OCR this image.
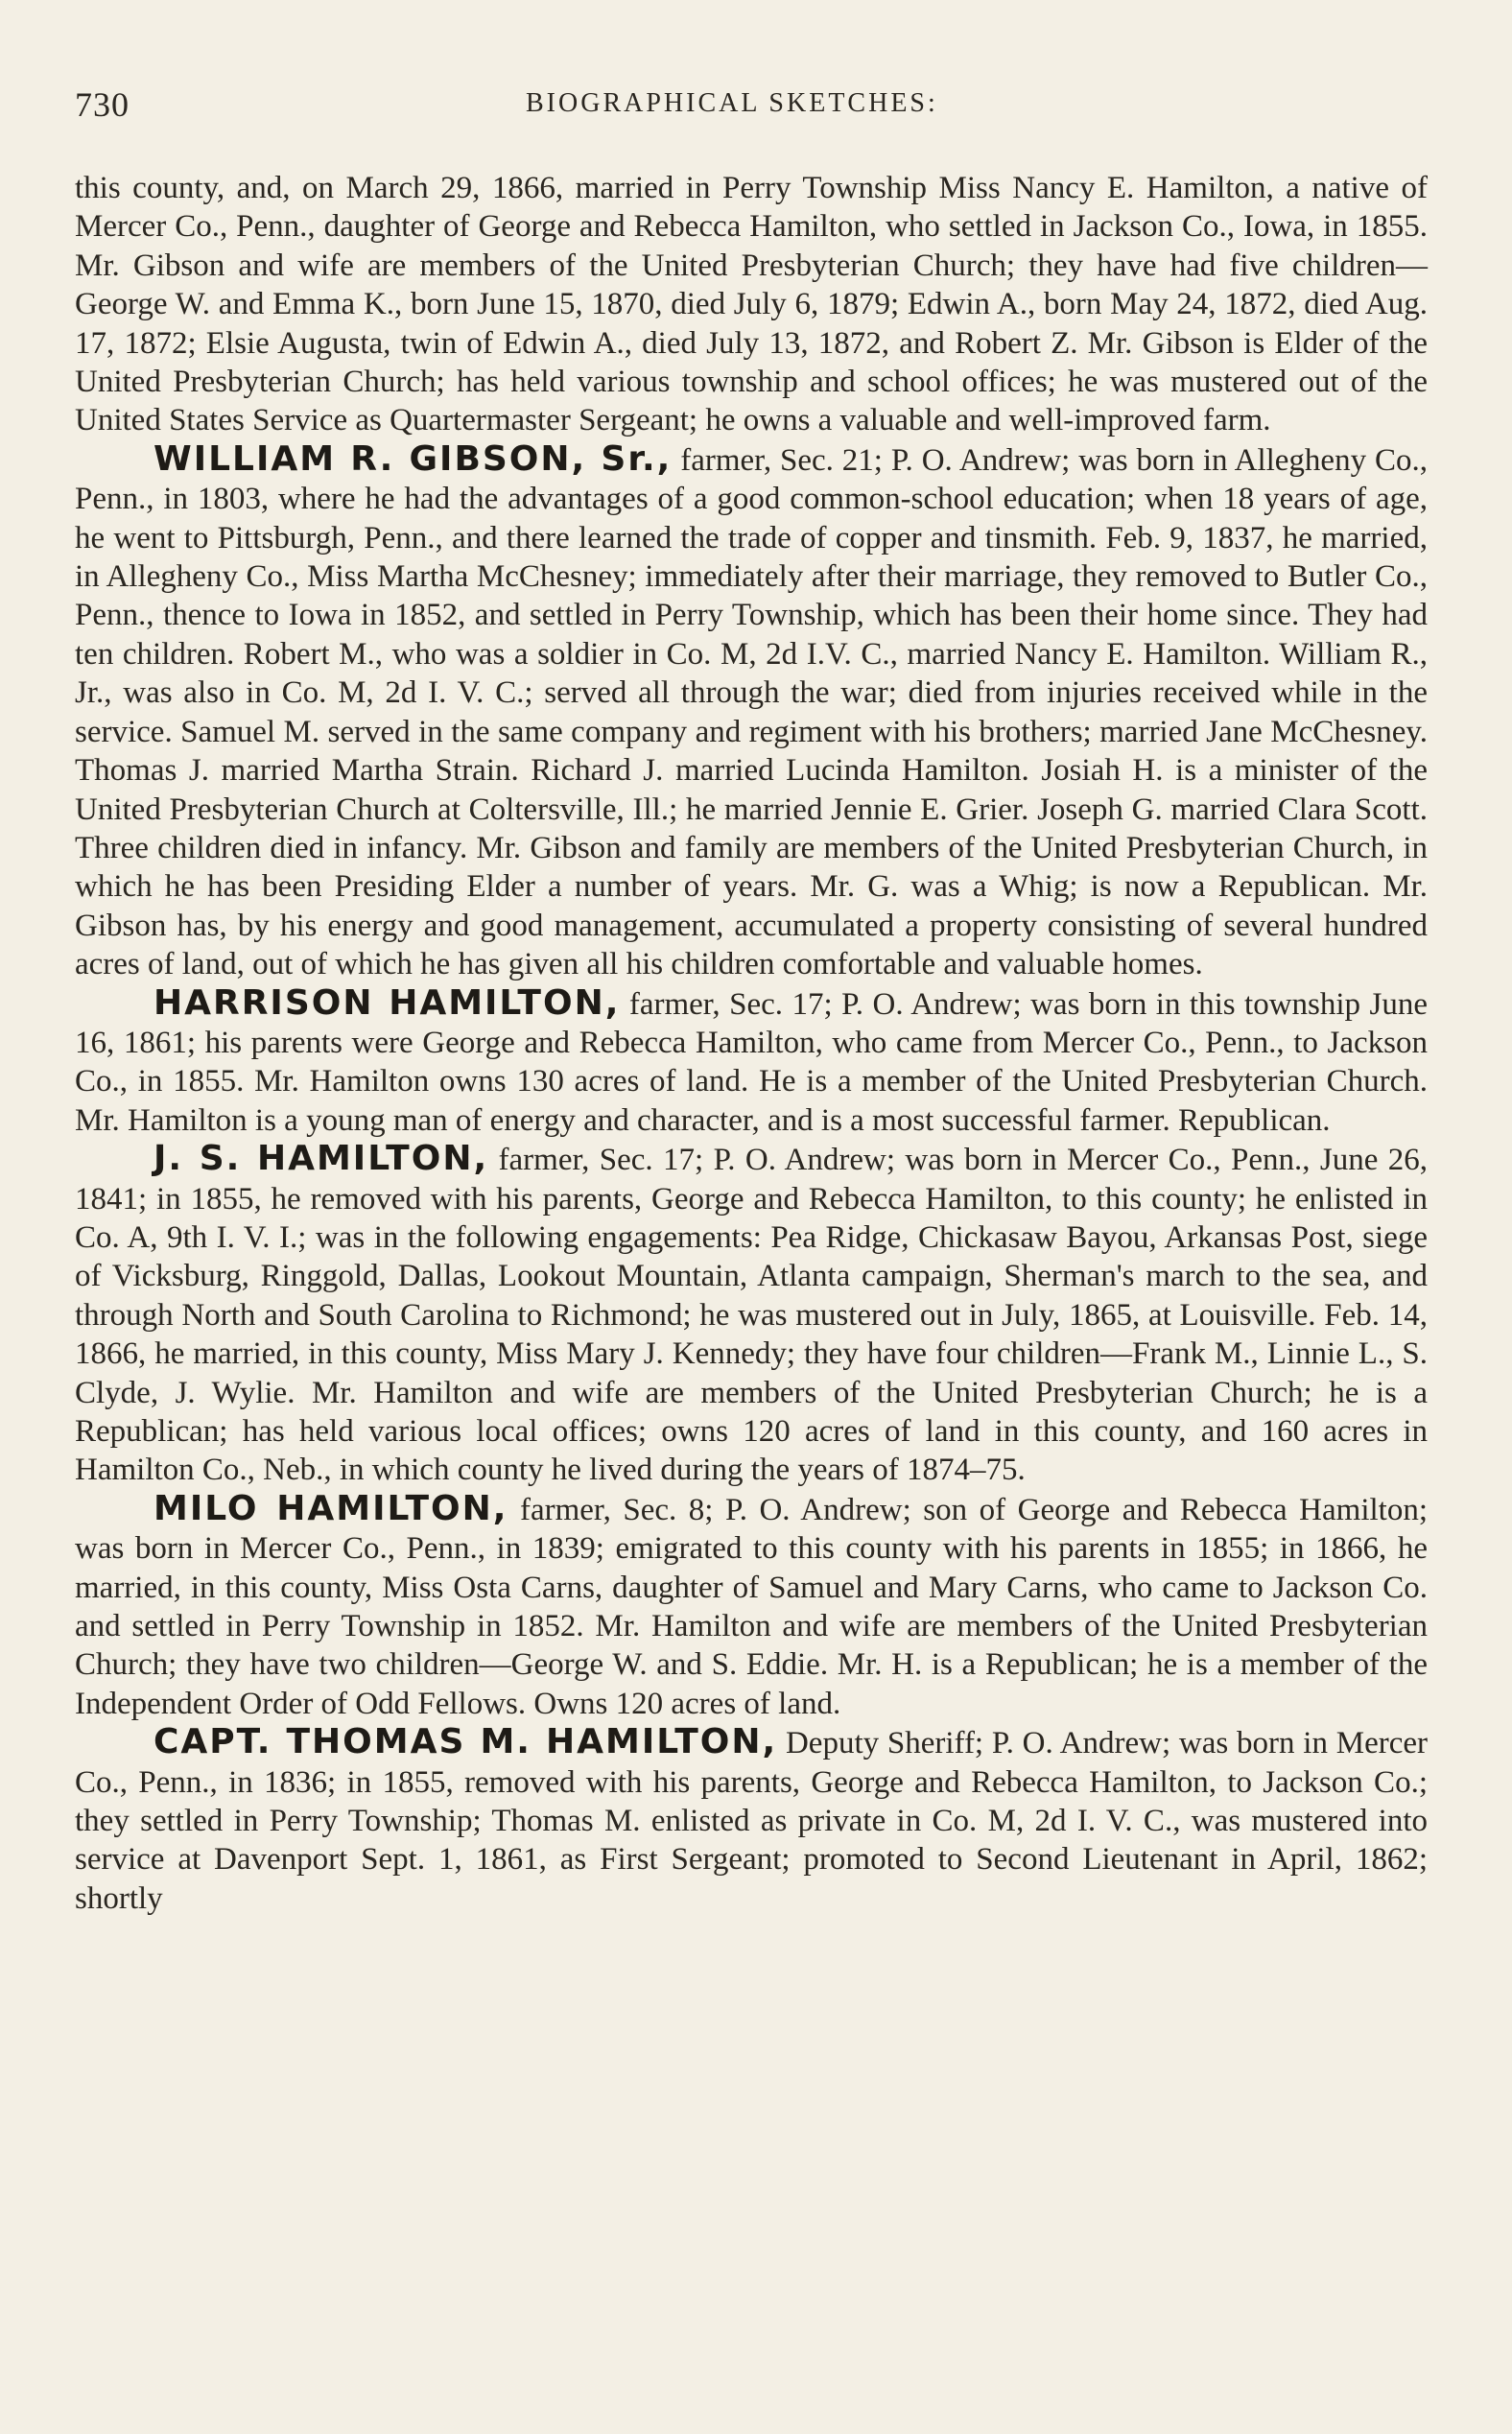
730	BIOGRAPHICAL SKETCHES:

this county, and, on March 29, 1866, married in Perry Township Miss Nancy E. Hamilton, a native of Mercer Co., Penn., daughter of George and Rebecca Hamilton, who settled in Jackson Co., Iowa, in 1855. Mr. Gibson and wife are members of the United Presbyterian Church; they have had five children—George W. and Emma K., born June 15, 1870, died July 6, 1879; Edwin A., born May 24, 1872, died Aug. 17, 1872; Elsie Augusta, twin of Edwin A., died July 13, 1872, and Robert Z. Mr. Gibson is Elder of the United Presbyterian Church; has held various township and school offices; he was mustered out of the United States Service as Quartermaster Sergeant; he owns a valuable and well-improved farm.

WILLIAM R. GIBSON, Sr., farmer, Sec. 21; P. O. Andrew; was born in Allegheny Co., Penn., in 1803, where he had the advantages of a good common-school education; when 18 years of age, he went to Pittsburgh, Penn., and there learned the trade of copper and tinsmith. Feb. 9, 1837, he married, in Allegheny Co., Miss Martha McChesney; immediately after their marriage, they removed to Butler Co., Penn., thence to Iowa in 1852, and settled in Perry Township, which has been their home since. They had ten children. Robert M., who was a soldier in Co. M, 2d I.V. C., married Nancy E. Hamilton. William R., Jr., was also in Co. M, 2d I. V. C.; served all through the war; died from injuries received while in the service. Samuel M. served in the same company and regiment with his brothers; married Jane McChesney. Thomas J. married Martha Strain. Richard J. married Lucinda Hamilton. Josiah H. is a minister of the United Presbyterian Church at Coltersville, Ill.; he married Jennie E. Grier. Joseph G. married Clara Scott. Three children died in infancy. Mr. Gibson and family are members of the United Presbyterian Church, in which he has been Presiding Elder a number of years. Mr. G. was a Whig; is now a Republican. Mr. Gibson has, by his energy and good management, accumulated a property consisting of several hundred acres of land, out of which he has given all his children comfortable and valuable homes.

HARRISON HAMILTON, farmer, Sec. 17; P. O. Andrew; was born in this township June 16, 1861; his parents were George and Rebecca Hamilton, who came from Mercer Co., Penn., to Jackson Co., in 1855. Mr. Hamilton owns 130 acres of land. He is a member of the United Presbyterian Church. Mr. Hamilton is a young man of energy and character, and is a most successful farmer. Republican.

J. S. HAMILTON, farmer, Sec. 17; P. O. Andrew; was born in Mercer Co., Penn., June 26, 1841; in 1855, he removed with his parents, George and Rebecca Hamilton, to this county; he enlisted in Co. A, 9th I. V. I.; was in the following engagements: Pea Ridge, Chickasaw Bayou, Arkansas Post, siege of Vicksburg, Ringgold, Dallas, Lookout Mountain, Atlanta campaign, Sherman's march to the sea, and through North and South Carolina to Richmond; he was mustered out in July, 1865, at Louisville. Feb. 14, 1866, he married, in this county, Miss Mary J. Kennedy; they have four children—Frank M., Linnie L., S. Clyde, J. Wylie. Mr. Hamilton and wife are members of the United Presbyterian Church; he is a Republican; has held various local offices; owns 120 acres of land in this county, and 160 acres in Hamilton Co., Neb., in which county he lived during the years of 1874–75.

MILO HAMILTON, farmer, Sec. 8; P. O. Andrew; son of George and Rebecca Hamilton; was born in Mercer Co., Penn., in 1839; emigrated to this county with his parents in 1855; in 1866, he married, in this county, Miss Osta Carns, daughter of Samuel and Mary Carns, who came to Jackson Co. and settled in Perry Township in 1852. Mr. Hamilton and wife are members of the United Presbyterian Church; they have two children—George W. and S. Eddie. Mr. H. is a Republican; he is a member of the Independent Order of Odd Fellows. Owns 120 acres of land.

CAPT. THOMAS M. HAMILTON, Deputy Sheriff; P. O. Andrew; was born in Mercer Co., Penn., in 1836; in 1855, removed with his parents, George and Rebecca Hamilton, to Jackson Co.; they settled in Perry Township; Thomas M. enlisted as private in Co. M, 2d I. V. C., was mustered into service at Davenport Sept. 1, 1861, as First Sergeant; promoted to Second Lieutenant in April, 1862; shortly
